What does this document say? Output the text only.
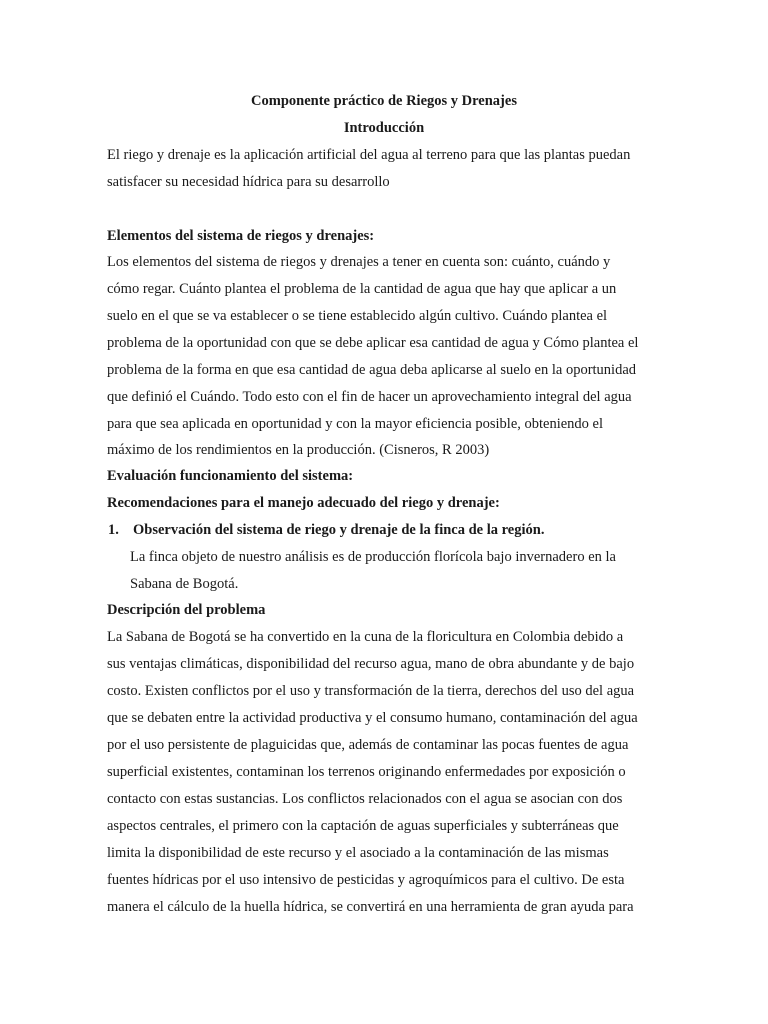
Componente práctico de Riegos y Drenajes
Introducción
El riego y drenaje es la aplicación artificial del agua al terreno para que las plantas puedan
satisfacer su necesidad hídrica para su desarrollo
Elementos del sistema de riegos y drenajes:
Los elementos del sistema de riegos y drenajes a tener en cuenta son: cuánto, cuándo y
cómo regar. Cuánto plantea el problema de la cantidad de agua que hay que aplicar a un
suelo en el que se va establecer o se tiene establecido algún cultivo. Cuándo plantea el
problema de la oportunidad con que se debe aplicar esa cantidad de agua y Cómo plantea el
problema de la forma en que esa cantidad de agua deba aplicarse al suelo en la oportunidad
que definió el Cuándo. Todo esto con el fin de hacer un aprovechamiento integral del agua
para que sea aplicada en oportunidad y con la mayor eficiencia posible, obteniendo el
máximo de los rendimientos en la producción. (Cisneros, R 2003)
Evaluación funcionamiento del sistema:
Recomendaciones para el manejo adecuado del riego y drenaje:
1. Observación del sistema de riego y drenaje de la finca de la región.
La finca objeto de nuestro análisis es de producción florícola bajo invernadero en la
Sabana de Bogotá.
Descripción del problema
La Sabana de Bogotá se ha convertido en la cuna de la floricultura en Colombia debido a
sus ventajas climáticas, disponibilidad del recurso agua, mano de obra abundante y de bajo
costo. Existen conflictos por el uso y transformación de la tierra, derechos del uso del agua
que se debaten entre la actividad productiva y el consumo humano, contaminación del agua
por el uso persistente de plaguicidas que, además de contaminar las pocas fuentes de agua
superficial existentes, contaminan los terrenos originando enfermedades por exposición o
contacto con estas sustancias. Los conflictos relacionados con el agua se asocian con dos
aspectos centrales, el primero con la captación de aguas superficiales y subterráneas que
limita la disponibilidad de este recurso y el asociado a la contaminación de las mismas
fuentes hídricas por el uso intensivo de pesticidas y agroquímicos para el cultivo. De esta
manera el cálculo de la huella hídrica, se convertirá en una herramienta de gran ayuda para
